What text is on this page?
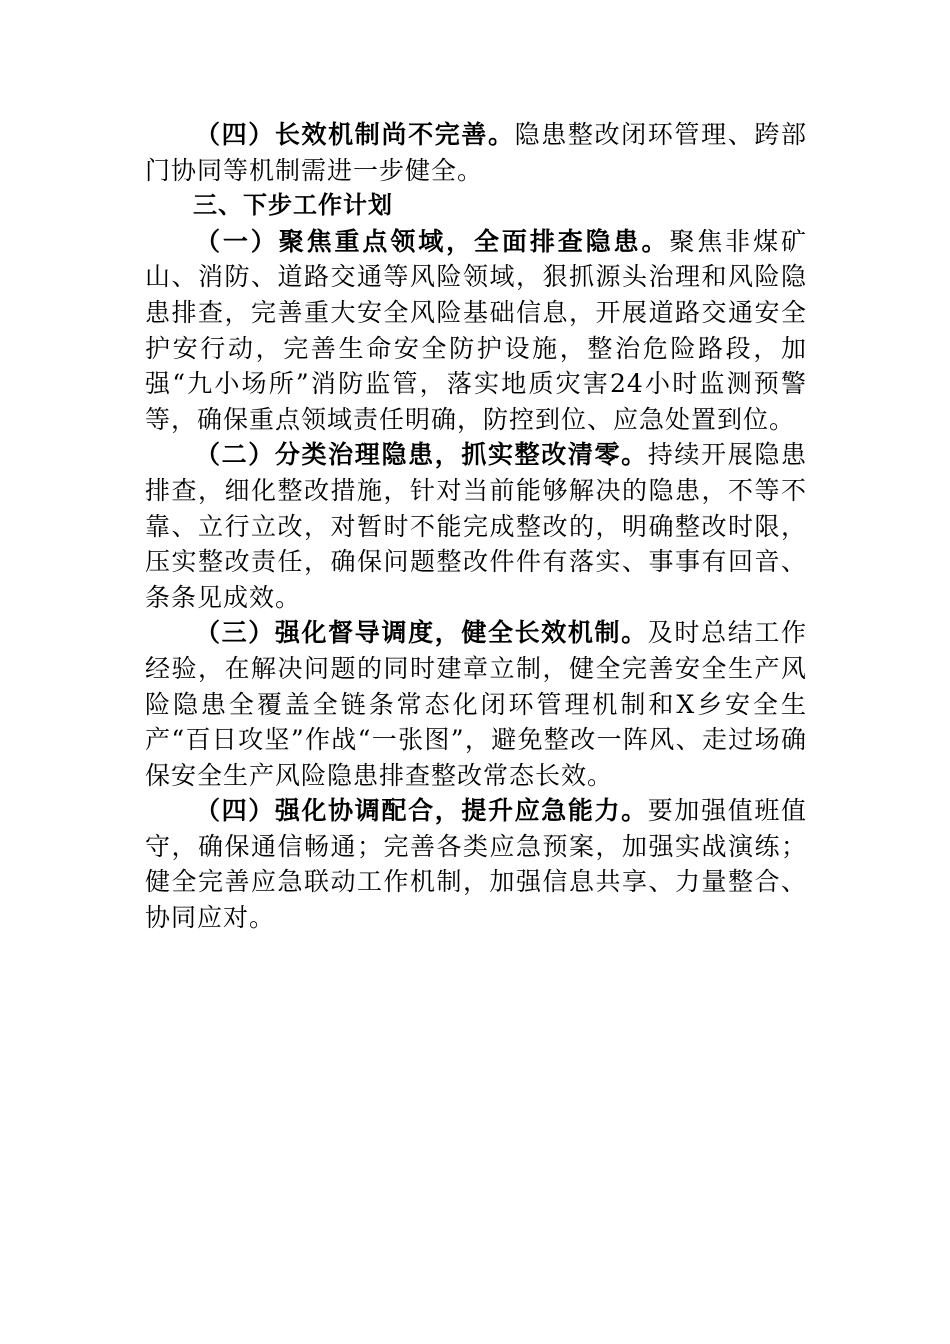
（四）长效机制尚不完善。隐患整改闭环管理、跨部门协同等机制需进一步健全。

三、下步工作计划

（一）聚焦重点领域，全面排查隐患。聚焦非煤矿山、消防、道路交通等风险领域，狠抓源头治理和风险隐患排查，完善重大安全风险基础信息，开展道路交通安全护安行动，完善生命安全防护设施，整治危险路段，加强“九小场所”消防监管，落实地质灾害24小时监测预警等，确保重点领域责任明确，防控到位、应急处置到位。

（二）分类治理隐患，抓实整改清零。持续开展隐患排查，细化整改措施，针对当前能够解决的隐患，不等不靠、立行立改，对暂时不能完成整改的，明确整改时限，压实整改责任，确保问题整改件件有落实、事事有回音、条条见成效。

（三）强化督导调度，健全长效机制。及时总结工作经验，在解决问题的同时建章立制，健全完善安全生产风险隐患全覆盖全链条常态化闭环管理机制和X乡安全生产“百日攻坚”作战“一张图”，避免整改一阵风、走过场确保安全生产风险隐患排查整改常态长效。

（四）强化协调配合，提升应急能力。要加强值班值守，确保通信畅通；完善各类应急预案，加强实战演练；健全完善应急联动工作机制，加强信息共享、力量整合、协同应对。
